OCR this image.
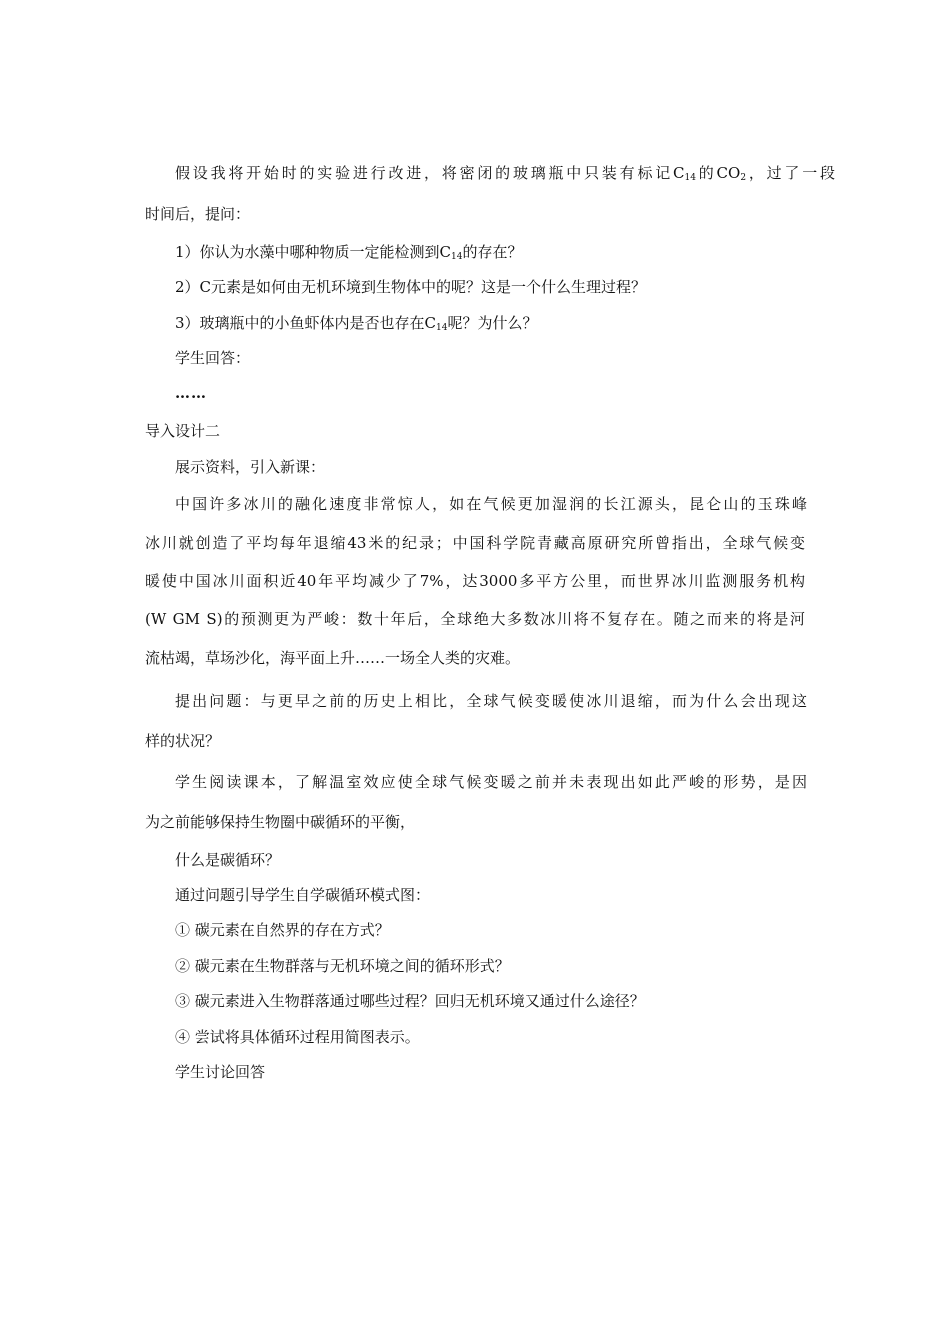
假设我将开始时的实验进行改进，将密闭的玻璃瓶中只装有标记$C_{14}$的$CO_2$，过了一段
时间后，提问：
1）你认为水藻中哪种物质一定能检测到$C_{14}$的存在？
2）C元素是如何由无机环境到生物体中的呢？这是一个什么生理过程？
3）玻璃瓶中的小鱼虾体内是否也存在$C_{14}$呢？为什么？
学生回答：
……
导入设计二
展示资料，引入新课：
中国许多冰川的融化速度非常惊人，如在气候更加湿润的长江源头，昆仑山的玉珠峰
冰川就创造了平均每年退缩43米的纪录；中国科学院青藏高原研究所曾指出，全球气候变
暖使中国冰川面积近40年平均减少了7%，达3000多平方公里，而世界冰川监测服务机构
(W GM S)的预测更为严峻：数十年后，全球绝大多数冰川将不复存在。随之而来的将是河
流枯竭，草场沙化，海平面上升……一场全人类的灾难。
提出问题：与更早之前的历史上相比，全球气候变暖使冰川退缩，而为什么会出现这
样的状况？
学生阅读课本，了解温室效应使全球气候变暖之前并未表现出如此严峻的形势，是因
为之前能够保持生物圈中碳循环的平衡，
什么是碳循环？
通过问题引导学生自学碳循环模式图：
① 碳元素在自然界的存在方式？
② 碳元素在生物群落与无机环境之间的循环形式？
③ 碳元素进入生物群落通过哪些过程？回归无机环境又通过什么途径？
④ 尝试将具体循环过程用简图表示。
学生讨论回答
